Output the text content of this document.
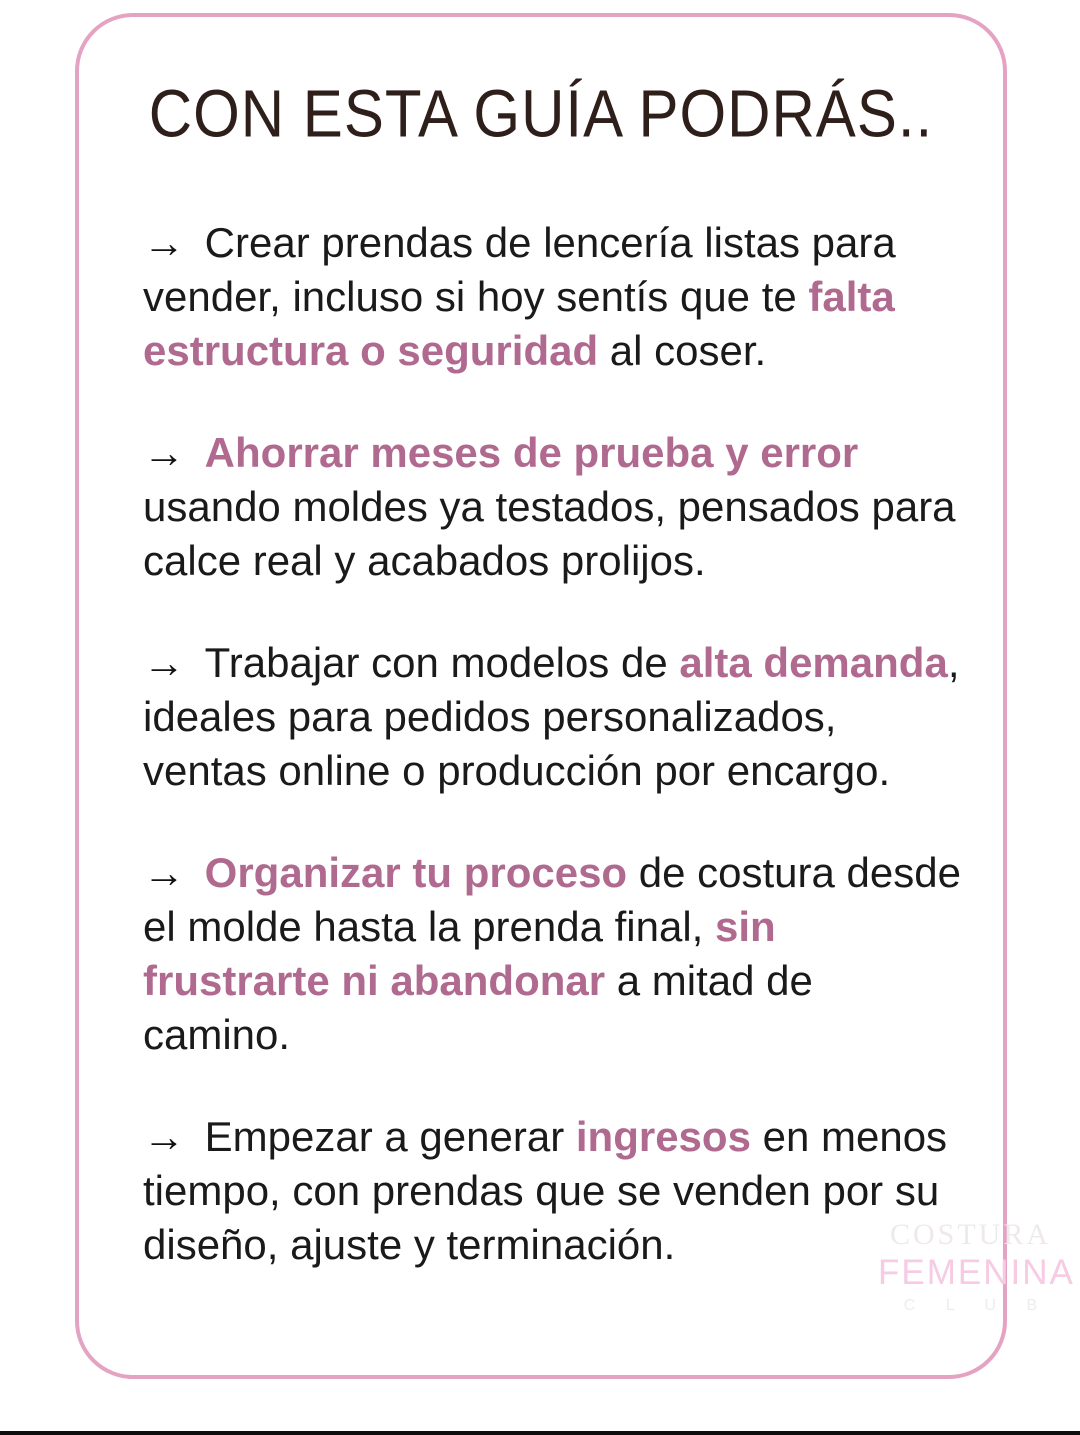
CON ESTA GUÍA PODRÁS..

→ Crear prendas de lencería listas para vender, incluso si hoy sentís que te falta estructura o seguridad al coser.

→ Ahorrar meses de prueba y error usando moldes ya testados, pensados para calce real y acabados prolijos.

→ Trabajar con modelos de alta demanda, ideales para pedidos personalizados, ventas online o producción por encargo.

→ Organizar tu proceso de costura desde el molde hasta la prenda final, sin frustrarte ni abandonar a mitad de camino.

→ Empezar a generar ingresos en menos tiempo, con prendas que se venden por su diseño, ajuste y terminación.	COSTURA
FEMENINA
C L U B
